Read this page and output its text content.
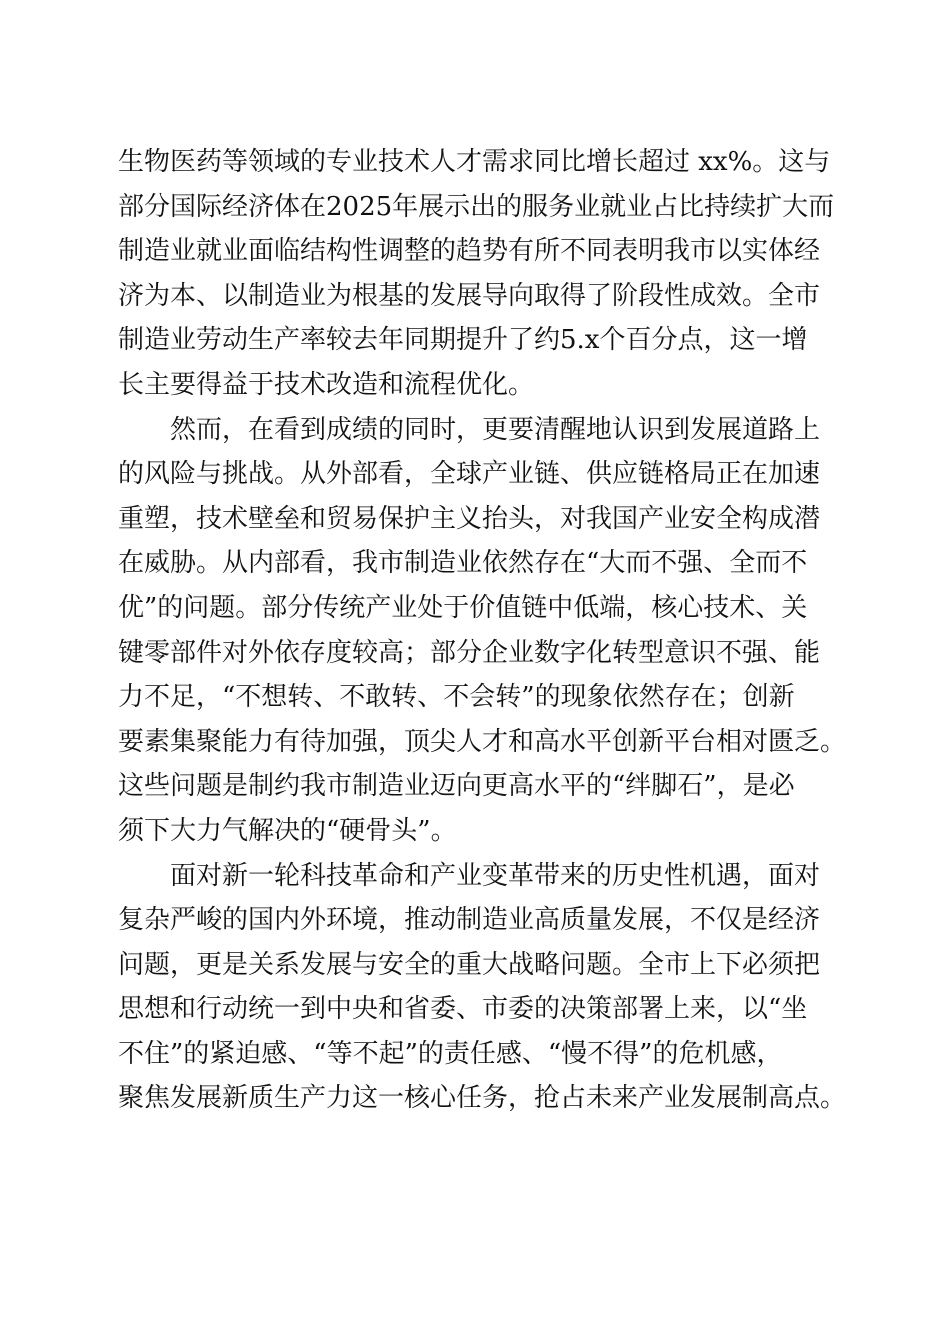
生物医药等领域的专业技术人才需求同比增长超过 xx%。这与
部分国际经济体在2025年展示出的服务业就业占比持续扩大而
制造业就业面临结构性调整的趋势有所不同表明我市以实体经
济为本、以制造业为根基的发展导向取得了阶段性成效。全市
制造业劳动生产率较去年同期提升了约5.x个百分点，这一增
长主要得益于技术改造和流程优化。
然而，在看到成绩的同时，更要清醒地认识到发展道路上
的风险与挑战。从外部看，全球产业链、供应链格局正在加速
重塑，技术壁垒和贸易保护主义抬头，对我国产业安全构成潜
在威胁。从内部看，我市制造业依然存在“大而不强、全而不
优”的问题。部分传统产业处于价值链中低端，核心技术、关
键零部件对外依存度较高；部分企业数字化转型意识不强、能
力不足，“不想转、不敢转、不会转”的现象依然存在；创新
要素集聚能力有待加强，顶尖人才和高水平创新平台相对匮乏。
这些问题是制约我市制造业迈向更高水平的“绊脚石”，是必
须下大力气解决的“硬骨头”。
面对新一轮科技革命和产业变革带来的历史性机遇，面对
复杂严峻的国内外环境，推动制造业高质量发展，不仅是经济
问题，更是关系发展与安全的重大战略问题。全市上下必须把
思想和行动统一到中央和省委、市委的决策部署上来，以“坐
不住”的紧迫感、“等不起”的责任感、“慢不得”的危机感，
聚焦发展新质生产力这一核心任务，抢占未来产业发展制高点。
